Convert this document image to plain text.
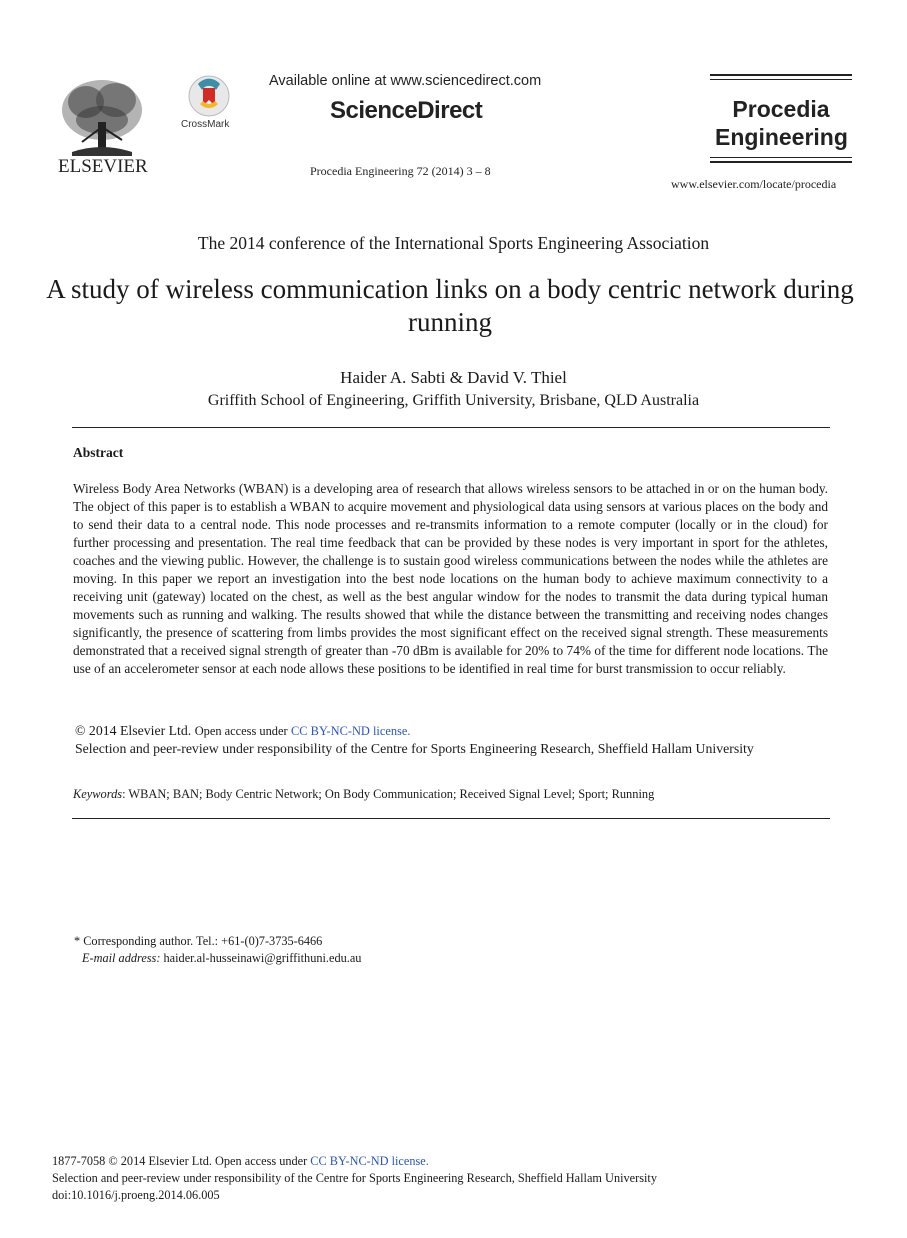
ELSEVIER
CrossMark
Available online at www.sciencedirect.com
ScienceDirect
Procedia Engineering 72 (2014) 3 – 8
Procedia
Engineering
www.elsevier.com/locate/procedia
The 2014 conference of the International Sports Engineering Association
A study of wireless communication links on a body centric network during running
Haider A. Sabti & David V. Thiel
Griffith School of Engineering, Griffith University, Brisbane, QLD Australia
Abstract
Wireless Body Area Networks (WBAN) is a developing area of research that allows wireless sensors to be attached in or on the human body. The object of this paper is to establish a WBAN to acquire movement and physiological data using sensors at various places on the body and to send their data to a central node. This node processes and re-transmits information to a remote computer (locally or in the cloud) for further processing and presentation. The real time feedback that can be provided by these nodes is very important in sport for the athletes, coaches and the viewing public. However, the challenge is to sustain good wireless communications between the nodes while the athletes are moving. In this paper we report an investigation into the best node locations on the human body to achieve maximum connectivity to a receiving unit (gateway) located on the chest, as well as the best angular window for the nodes to transmit the data during typical human movements such as running and walking. The results showed that while the distance between the transmitting and receiving nodes changes significantly, the presence of scattering from limbs provides the most significant effect on the received signal strength. These measurements demonstrated that a received signal strength of greater than -70 dBm is available for 20% to 74% of the time for different node locations. The use of an accelerometer sensor at each node allows these positions to be identified in real time for burst transmission to occur reliably.
© 2014 Elsevier Ltd. Open access under CC BY-NC-ND license.
Selection and peer-review under responsibility of the Centre for Sports Engineering Research, Sheffield Hallam University
Keywords: WBAN; BAN; Body Centric Network; On Body Communication; Received Signal Level; Sport; Running
* Corresponding author. Tel.: +61-(0)7-3735-6466
E-mail address: haider.al-husseinawi@griffithuni.edu.au
1877-7058 © 2014 Elsevier Ltd. Open access under CC BY-NC-ND license.
Selection and peer-review under responsibility of the Centre for Sports Engineering Research, Sheffield Hallam University
doi:10.1016/j.proeng.2014.06.005
